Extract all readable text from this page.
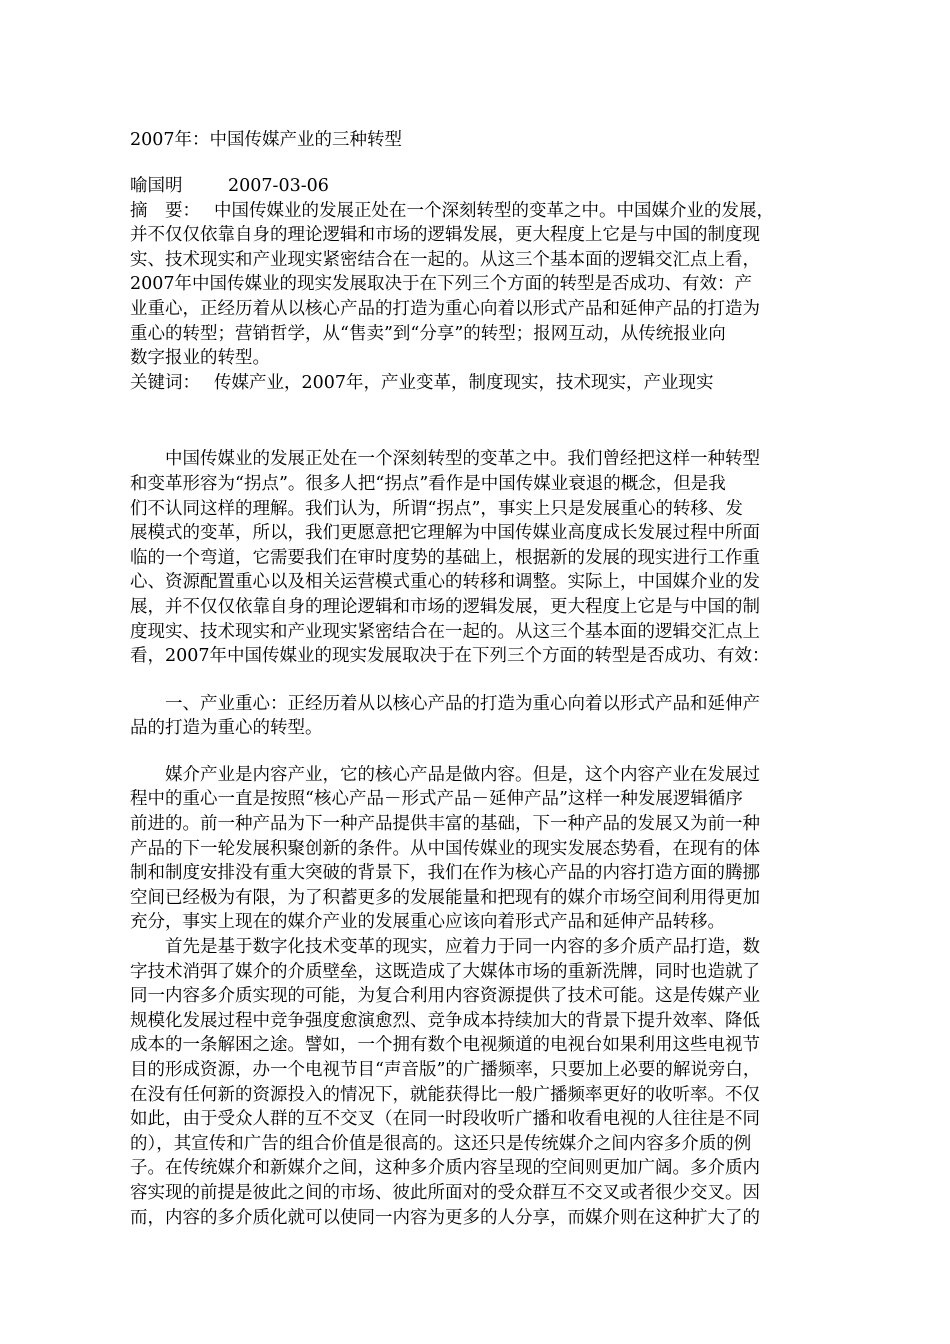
2007年：中国传媒产业的三种转型

喻国明	2007-03-06

摘　要： 中国传媒业的发展正处在一个深刻转型的变革之中。中国媒介业的发展，

并不仅仅依靠自身的理论逻辑和市场的逻辑发展，更大程度上它是与中国的制度现

实、技术现实和产业现实紧密结合在一起的。从这三个基本面的逻辑交汇点上看，

2007年中国传媒业的现实发展取决于在下列三个方面的转型是否成功、有效：产

业重心，正经历着从以核心产品的打造为重心向着以形式产品和延伸产品的打造为

重心的转型；营销哲学，从“售卖”到“分享”的转型；报网互动，从传统报业向

数字报业的转型。

关键词： 传媒产业，2007年，产业变革，制度现实，技术现实，产业现实

中国传媒业的发展正处在一个深刻转型的变革之中。我们曾经把这样一种转型

和变革形容为“拐点”。很多人把“拐点”看作是中国传媒业衰退的概念，但是我

们不认同这样的理解。我们认为，所谓“拐点”，事实上只是发展重心的转移、发

展模式的变革，所以，我们更愿意把它理解为中国传媒业高度成长发展过程中所面

临的一个弯道，它需要我们在审时度势的基础上，根据新的发展的现实进行工作重

心、资源配置重心以及相关运营模式重心的转移和调整。实际上，中国媒介业的发

展，并不仅仅依靠自身的理论逻辑和市场的逻辑发展，更大程度上它是与中国的制

度现实、技术现实和产业现实紧密结合在一起的。从这三个基本面的逻辑交汇点上

看，2007年中国传媒业的现实发展取决于在下列三个方面的转型是否成功、有效：

一、产业重心：正经历着从以核心产品的打造为重心向着以形式产品和延伸产

品的打造为重心的转型。

媒介产业是内容产业，它的核心产品是做内容。但是，这个内容产业在发展过

程中的重心一直是按照“核心产品－形式产品－延伸产品”这样一种发展逻辑循序

前进的。前一种产品为下一种产品提供丰富的基础，下一种产品的发展又为前一种

产品的下一轮发展积聚创新的条件。从中国传媒业的现实发展态势看，在现有的体

制和制度安排没有重大突破的背景下，我们在作为核心产品的内容打造方面的腾挪

空间已经极为有限，为了积蓄更多的发展能量和把现有的媒介市场空间利用得更加

充分，事实上现在的媒介产业的发展重心应该向着形式产品和延伸产品转移。

首先是基于数字化技术变革的现实，应着力于同一内容的多介质产品打造，数

字技术消弭了媒介的介质壁垒，这既造成了大媒体市场的重新洗牌，同时也造就了

同一内容多介质实现的可能，为复合利用内容资源提供了技术可能。这是传媒产业

规模化发展过程中竞争强度愈演愈烈、竞争成本持续加大的背景下提升效率、降低

成本的一条解困之途。譬如，一个拥有数个电视频道的电视台如果利用这些电视节

目的形成资源，办一个电视节目“声音版”的广播频率，只要加上必要的解说旁白，

在没有任何新的资源投入的情况下，就能获得比一般广播频率更好的收听率。不仅

如此，由于受众人群的互不交叉（在同一时段收听广播和收看电视的人往往是不同

的），其宣传和广告的组合价值是很高的。这还只是传统媒介之间内容多介质的例

子。在传统媒介和新媒介之间，这种多介质内容呈现的空间则更加广阔。多介质内

容实现的前提是彼此之间的市场、彼此所面对的受众群互不交叉或者很少交叉。因

而，内容的多介质化就可以使同一内容为更多的人分享，而媒介则在这种扩大了的
